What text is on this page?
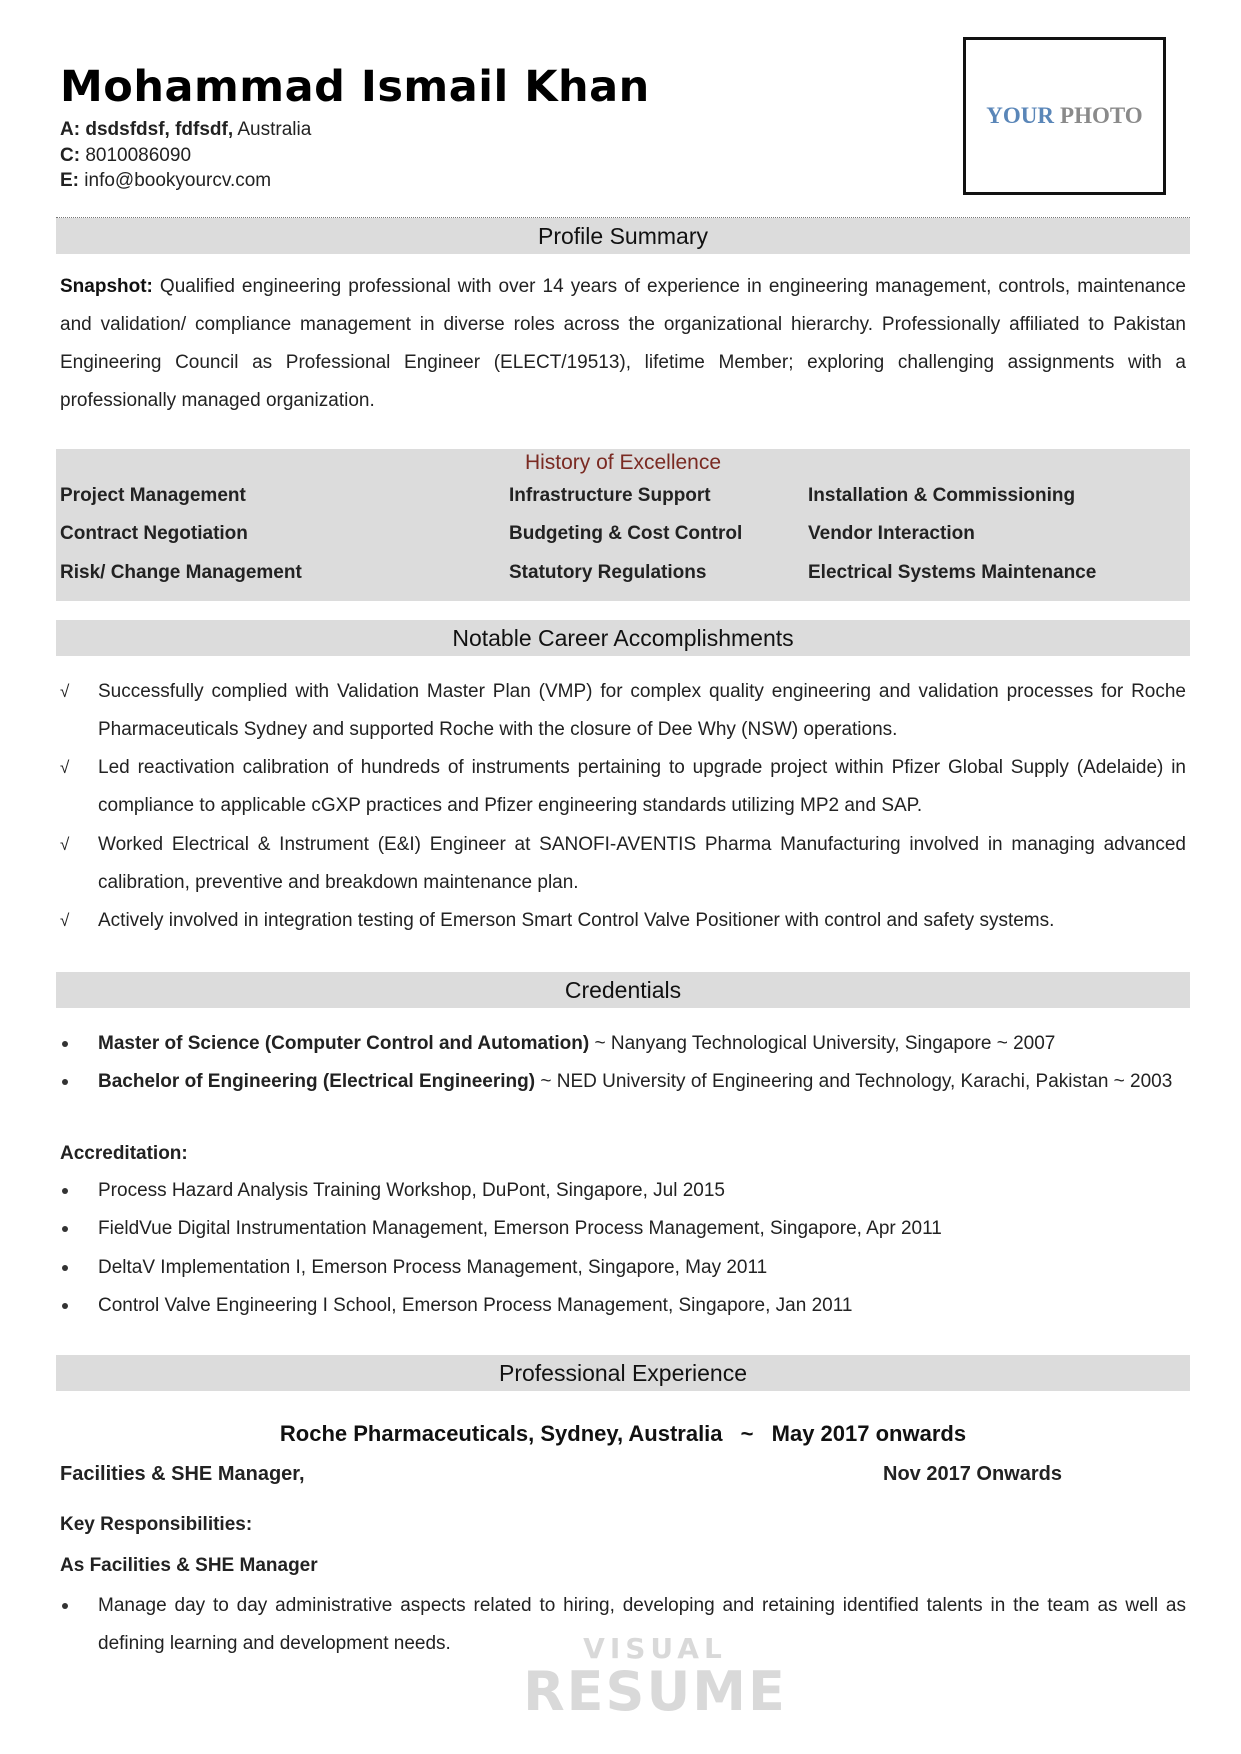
Mohammad Ismail Khan
A: dsdsfdsf, fdfsdf, Australia
C: 8010086090
E: info@bookyourcv.com
YOUR PHOTO
Profile Summary
Snapshot: Qualified engineering professional with over 14 years of experience in engineering management, controls, maintenance and validation/ compliance management in diverse roles across the organizational hierarchy. Professionally affiliated to Pakistan Engineering Council as Professional Engineer (ELECT/19513), lifetime Member; exploring challenging assignments with a professionally managed organization.
History of Excellence
Project Management	Infrastructure Support	Installation & Commissioning
Contract Negotiation	Budgeting & Cost Control	Vendor Interaction
Risk/ Change Management	Statutory Regulations	Electrical Systems Maintenance
Notable Career Accomplishments
√	Successfully complied with Validation Master Plan (VMP) for complex quality engineering and validation processes for Roche Pharmaceuticals Sydney and supported Roche with the closure of Dee Why (NSW) operations.
√	Led reactivation calibration of hundreds of instruments pertaining to upgrade project within Pfizer Global Supply (Adelaide) in compliance to applicable cGXP practices and Pfizer engineering standards utilizing MP2 and SAP.
√	Worked Electrical & Instrument (E&I) Engineer at SANOFI-AVENTIS Pharma Manufacturing involved in managing advanced calibration, preventive and breakdown maintenance plan.
√	Actively involved in integration testing of Emerson Smart Control Valve Positioner with control and safety systems.
Credentials
Master of Science (Computer Control and Automation) ~ Nanyang Technological University, Singapore ~ 2007
Bachelor of Engineering (Electrical Engineering) ~ NED University of Engineering and Technology, Karachi, Pakistan ~ 2003
Accreditation:
Process Hazard Analysis Training Workshop, DuPont, Singapore, Jul 2015
FieldVue Digital Instrumentation Management, Emerson Process Management, Singapore, Apr 2011
DeltaV Implementation I, Emerson Process Management, Singapore, May 2011
Control Valve Engineering I School, Emerson Process Management, Singapore, Jan 2011
Professional Experience
Roche Pharmaceuticals, Sydney, Australia ~ May 2017 onwards
Facilities & SHE Manager,	Nov 2017 Onwards
Key Responsibilities:
As Facilities & SHE Manager
Manage day to day administrative aspects related to hiring, developing and retaining identified talents in the team as well as defining learning and development needs.	VISUAL
RESUME
